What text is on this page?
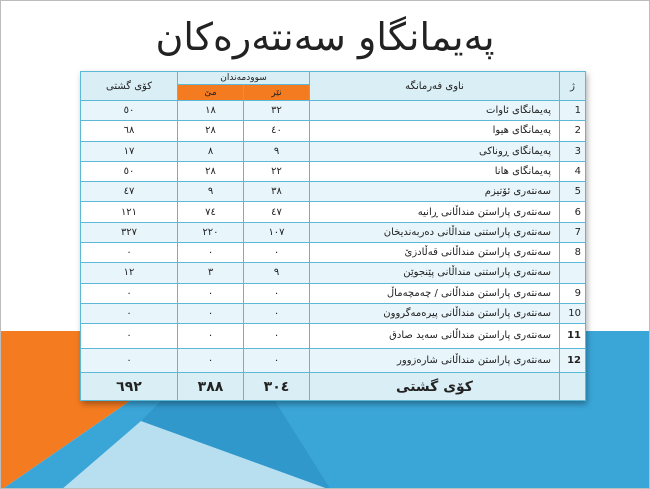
پەیمانگاو سەنتەرەکان
ژ	ناوی فەرمانگە	سوودمەندان		کۆی گشتی
		نێر	مێ	
1	پەیمانگای ئاوات	٣٢	١٨	٥٠
2	پەیمانگای هیوا	٤٠	٢٨	٦٨
3	پەیمانگای ڕوناکی	٩	٨	١٧
4	پەیمانگای هانا	٢٢	٢٨	٥٠
5	سەنتەری ئۆتیزم	٣٨	٩	٤٧
6	سەنتەری پاراستن منداڵانی ڕانیە	٤٧	٧٤	١٢١
7	سەنتەری پاراستنی منداڵانی دەربەندیخان	١٠٧	٢٢٠	٣٢٧
8	سەنتەری پاراستن منداڵانی قەڵادزێ	٠	٠	٠
	سەنتەری پاراستنی منداڵانی پێنجوێن	٩	٣	١٢
9	سەنتەری پاراستن منداڵانی / چەمچەماڵ	٠	٠	٠
10	سەنتەری پاراستن منداڵانی پیرەمەگروون	٠	٠	٠
11	سەنتەری پاراستن منداڵانی سەید صادق	٠	٠	٠
12	سەنتەری پاراستن منداڵانی شارەزوور	٠	٠	٠
	کۆی گشتی	٣٠٤	٣٨٨	٦٩٢
